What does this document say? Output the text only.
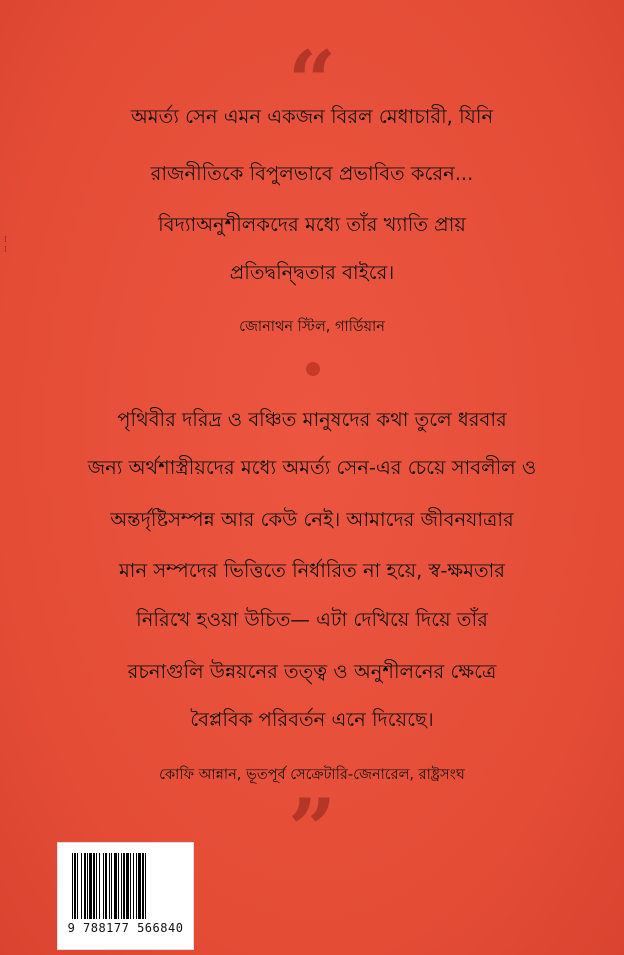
“
⁞
⁞
অমর্ত্য সেন এমন একজন বিরল মেধাচারী, যিনি
রাজনীতিকে বিপুলভাবে প্রভাবিত করেন...
বিদ্যাঅনুশীলকদের মধ্যে তাঁর খ্যাতি প্রায়
প্রতিদ্বন্দ্বিতার বাইরে।
জোনাথন স্টিল, গার্ডিয়ান
পৃথিবীর দরিদ্র ও বঞ্চিত মানুষদের কথা তুলে ধরবার
জন্য অর্থশাস্ত্রীয়দের মধ্যে অমর্ত্য সেন-এর চেয়ে সাবলীল ও
অন্তর্দৃষ্টিসম্পন্ন আর কেউ নেই। আমাদের জীবনযাত্রার
মান সম্পদের ভিত্তিতে নির্ধারিত না হয়ে, স্ব-ক্ষমতার
নিরিখে হওয়া উচিত— এটা দেখিয়ে দিয়ে তাঁর
রচনাগুলি উন্নয়নের তত্ত্ব ও অনুশীলনের ক্ষেত্রে
বৈপ্লবিক পরিবর্তন এনে দিয়েছে।
কোফি আন্নান, ভূতপূর্ব সেক্রেটারি-জেনারেল, রাষ্ট্রসংঘ
”
9 788177 566840
